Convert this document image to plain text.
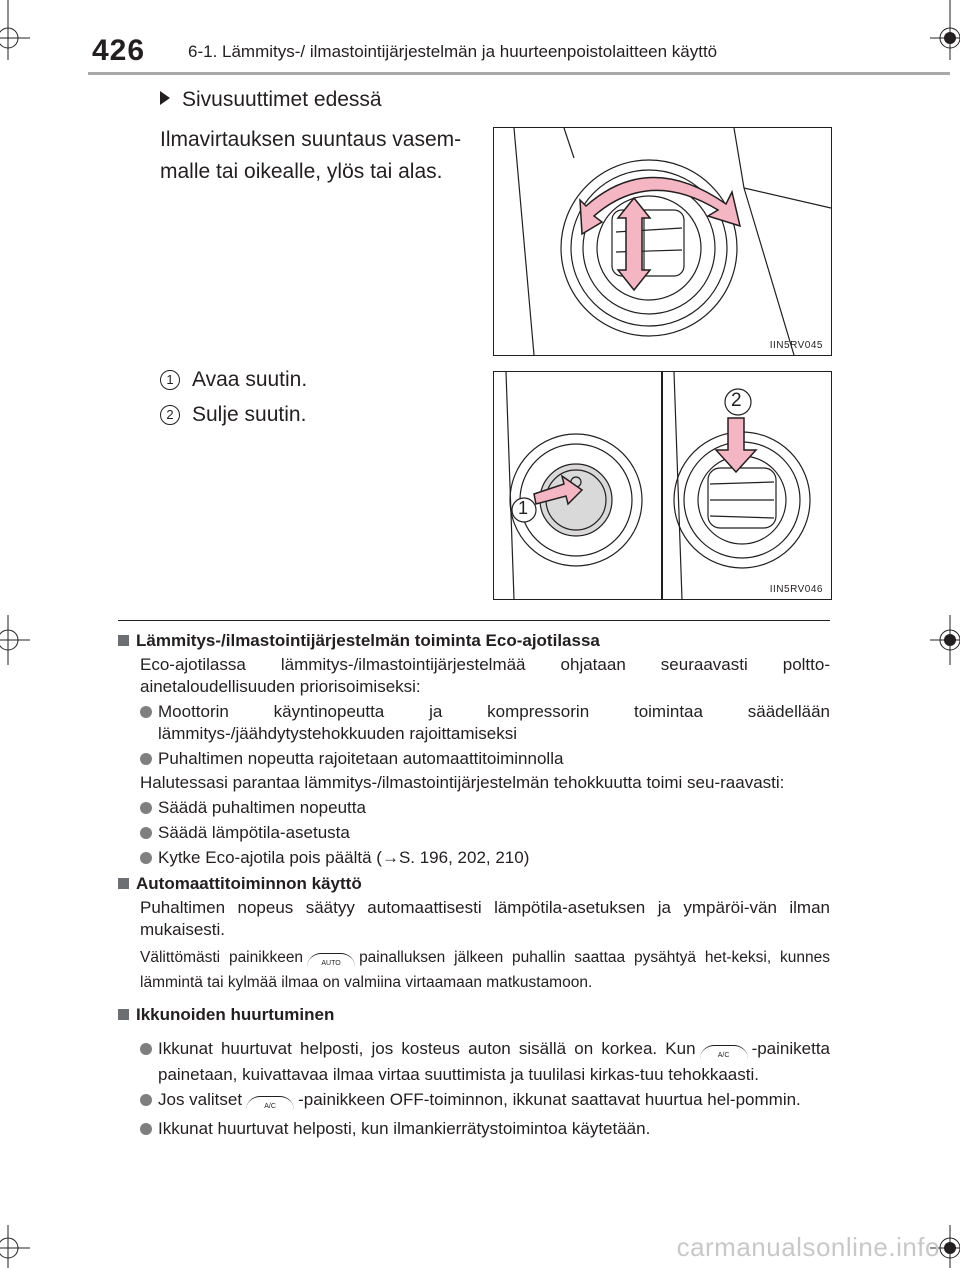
426	6-1. Lämmitys-/ ilmastointijärjestelmän ja huurteenpoistolaitteen käyttö
Sivusuuttimet edessä
Ilmavirtauksen suuntaus vasem-malle tai oikealle, ylös tai alas.
IIN5RV045
1 Avaa suutin.
2 Sulje suutin.
2
1
IIN5RV046
Lämmitys-/ilmastointijärjestelmän toiminta Eco-ajotilassa
Eco-ajotilassa lämmitys-/ilmastointijärjestelmää ohjataan seuraavasti poltto-ainetaloudellisuuden priorisoimiseksi:
Moottorin käyntinopeutta ja kompressorin toimintaa säädellään lämmitys-/jäähdytystehokkuuden rajoittamiseksi
Puhaltimen nopeutta rajoitetaan automaattitoiminnolla
Halutessasi parantaa lämmitys-/ilmastointijärjestelmän tehokkuutta toimi seu-raavasti:
Säädä puhaltimen nopeutta
Säädä lämpötila-asetusta
Kytke Eco-ajotila pois päältä (→S. 196, 202, 210)
Automaattitoiminnon käyttö
Puhaltimen nopeus säätyy automaattisesti lämpötila-asetuksen ja ympäröi-vän ilman mukaisesti.
Välittömästi painikkeen	AUTO painalluksen jälkeen puhallin saattaa pysähtyä het-keksi, kunnes lämmintä tai kylmää ilmaa on valmiina virtaamaan matkustamoon.
Ikkunoiden huurtuminen
Ikkunat huurtuvat helposti, jos kosteus auton sisällä on korkea. Kun	A/C -painiketta painetaan, kuivattavaa ilmaa virtaa suuttimista ja tuulilasi kirkas-tuu tehokkaasti.
Jos valitset	A/C -painikkeen OFF-toiminnon, ikkunat saattavat huurtua hel-pommin.
Ikkunat huurtuvat helposti, kun ilmankierrätystoimintoa käytetään.
carmanualsonline.info
